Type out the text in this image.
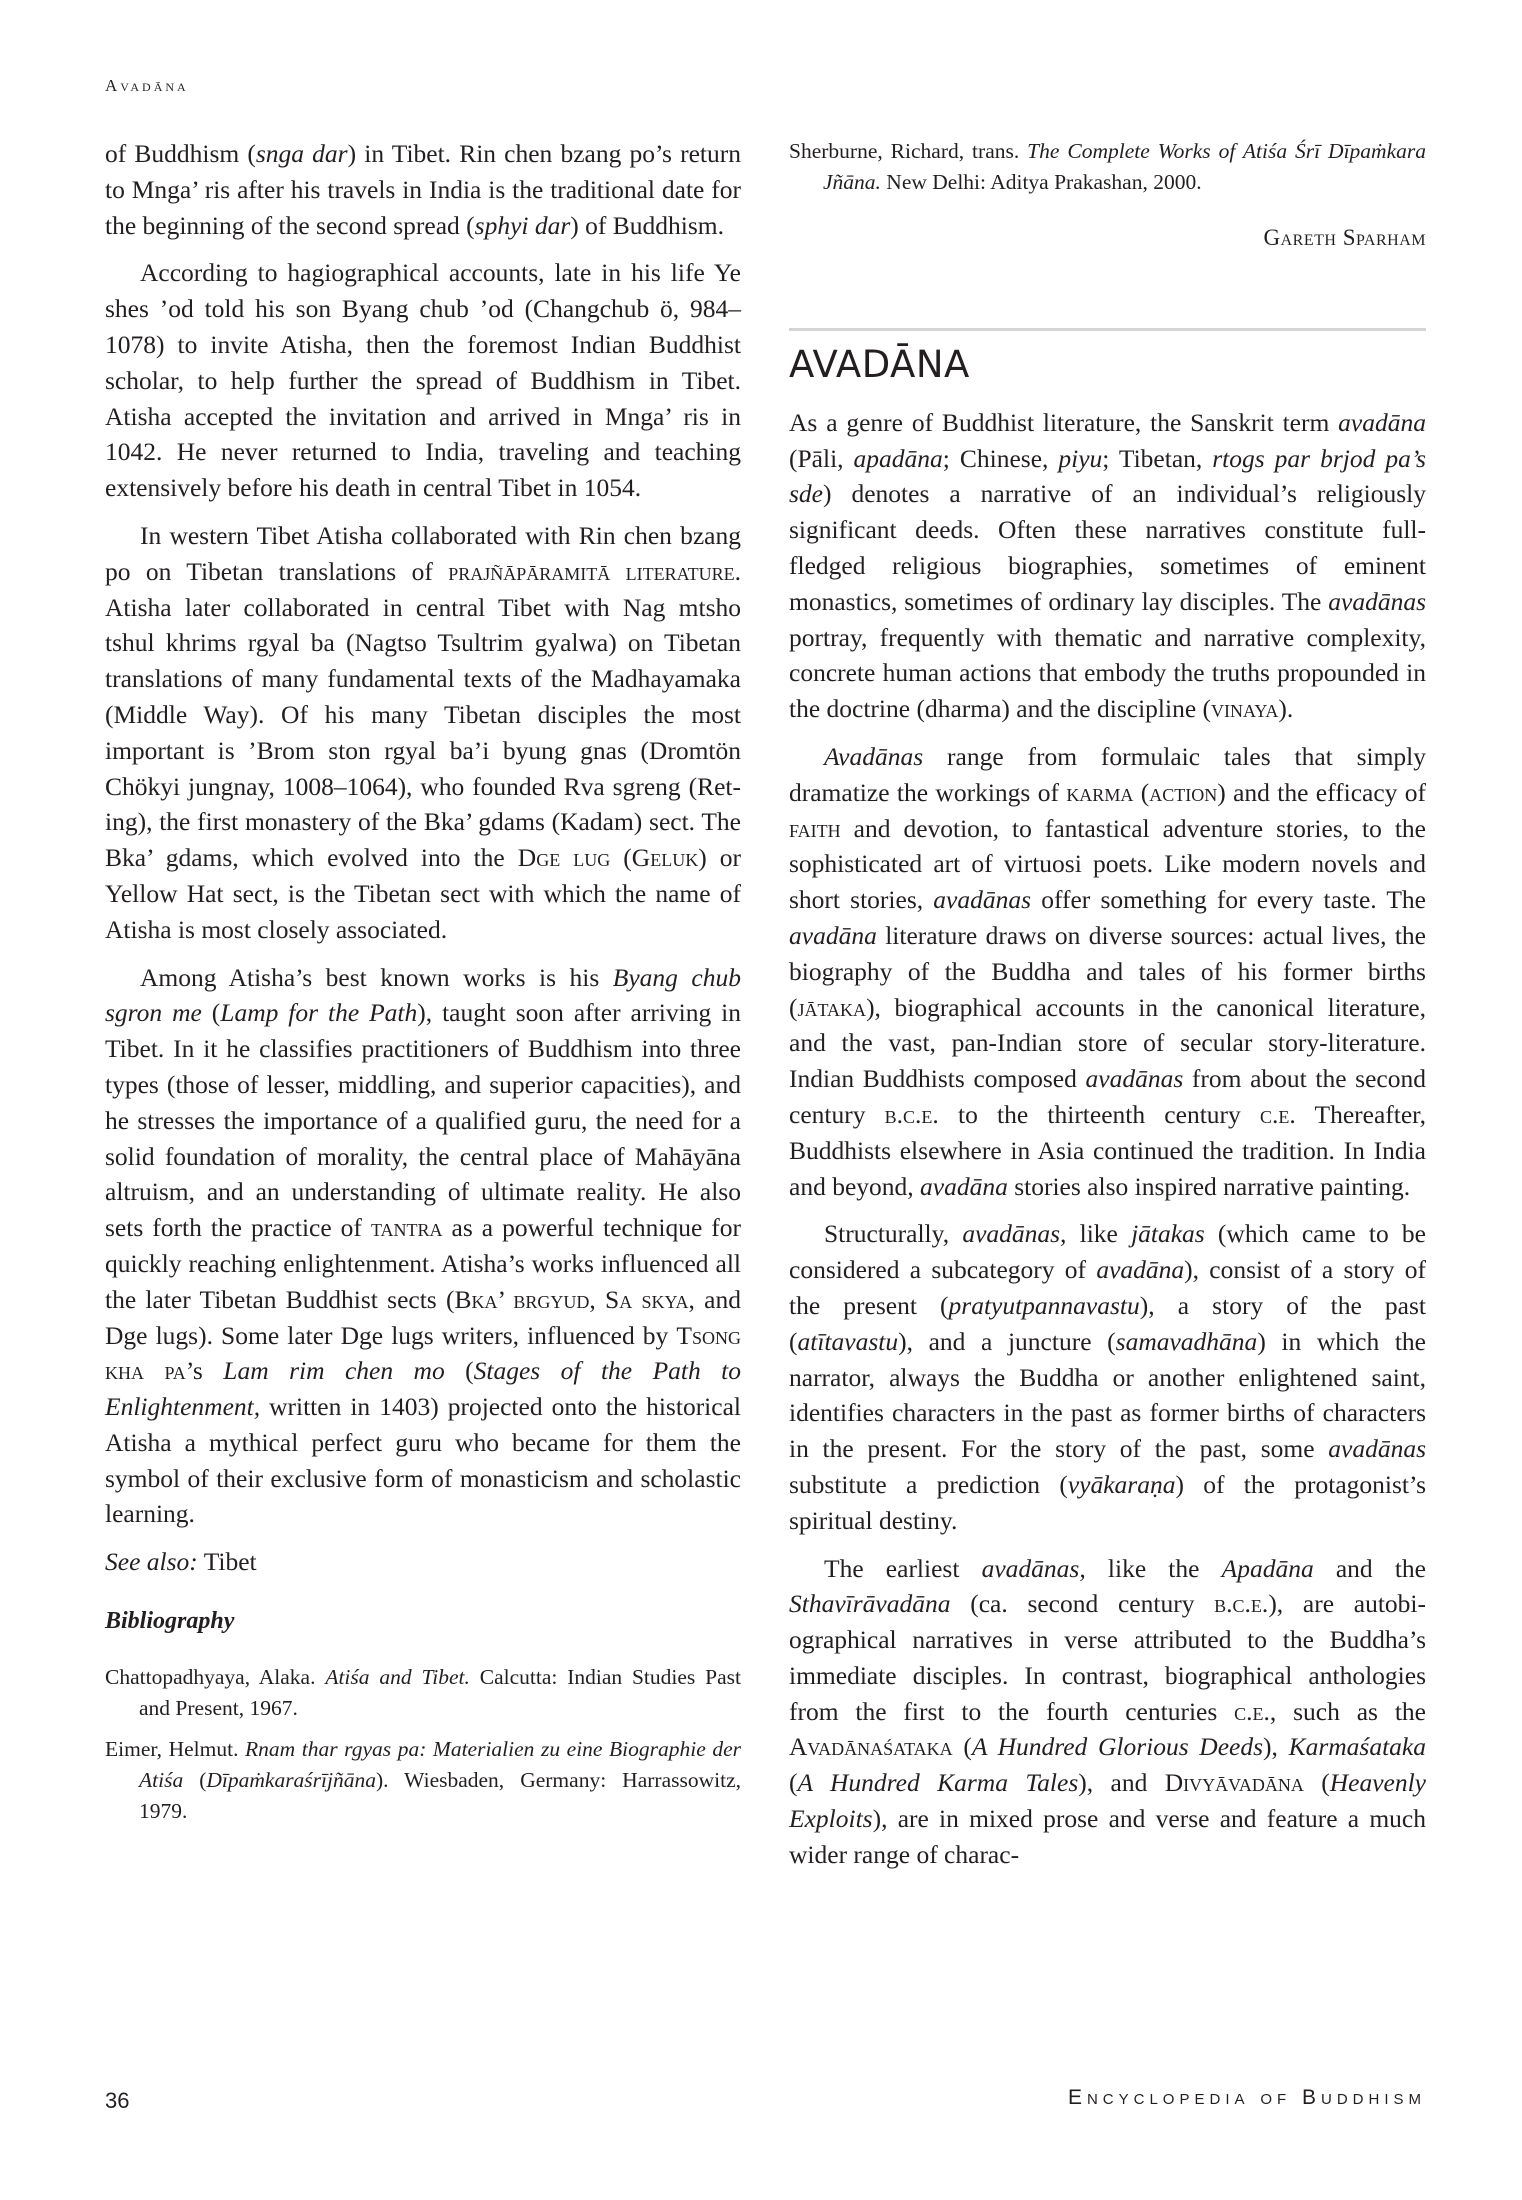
Avadāna

of Buddhism (snga dar) in Tibet. Rin chen bzang po’s return to Mnga’ ris after his travels in India is the traditional date for the beginning of the second spread (sphyi dar) of Buddhism.

According to hagiographical accounts, late in his life Ye shes ’od told his son Byang chub ’od (Changchub ö, 984–1078) to invite Atisha, then the foremost Indian Buddhist scholar, to help further the spread of Buddhism in Tibet. Atisha accepted the invitation and arrived in Mnga’ ris in 1042. He never returned to India, traveling and teaching extensively before his death in central Tibet in 1054.

In western Tibet Atisha collaborated with Rin chen bzang po on Tibetan translations of prajñāpāramitā literature. Atisha later collaborated in central Tibet with Nag mtsho tshul khrims rgyal ba (Nagtso Tsultrim gyalwa) on Tibetan translations of many fundamental texts of the Madhayamaka (Middle Way). Of his many Tibetan disciples the most important is ’Brom ston rgyal ba’i byung gnas (Dromtön Chökyi jungnay, 1008–1064), who founded Rva sgreng (Reting), the first monastery of the Bka’ gdams (Kadam) sect. The Bka’ gdams, which evolved into the Dge lug (Geluk) or Yellow Hat sect, is the Tibetan sect with which the name of Atisha is most closely associated.

Among Atisha’s best known works is his Byang chub sgron me (Lamp for the Path), taught soon after arriving in Tibet. In it he classifies practitioners of Buddhism into three types (those of lesser, middling, and superior capacities), and he stresses the importance of a qualified guru, the need for a solid foundation of morality, the central place of Mahāyāna altruism, and an understanding of ultimate reality. He also sets forth the practice of tantra as a powerful technique for quickly reaching enlightenment. Atisha’s works influenced all the later Tibetan Buddhist sects (Bka’ brgyud, Sa skya, and Dge lugs). Some later Dge lugs writers, influenced by Tsong kha pa’s Lam rim chen mo (Stages of the Path to Enlightenment, written in 1403) projected onto the historical Atisha a mythical perfect guru who became for them the symbol of their exclusive form of monasticism and scholastic learning.

See also: Tibet

Bibliography

Chattopadhyaya, Alaka. Atiśa and Tibet. Calcutta: Indian Studies Past and Present, 1967.

Eimer, Helmut. Rnam thar rgyas pa: Materialien zu eine Biographie der Atiśa (Dīpaṁkaraśrījñāna). Wiesbaden, Germany: Harrassowitz, 1979.

Sherburne, Richard, trans. The Complete Works of Atiśa Śrī Dīpaṁkara Jñāna. New Delhi: Aditya Prakashan, 2000.

Gareth Sparham
AVADĀNA

As a genre of Buddhist literature, the Sanskrit term avadāna (Pāli, apadāna; Chinese, piyu; Tibetan, rtogs par brjod pa’s sde) denotes a narrative of an individual’s religiously significant deeds. Often these narratives constitute full-fledged religious biographies, sometimes of eminent monastics, sometimes of ordinary lay disciples. The avadānas portray, frequently with thematic and narrative complexity, concrete human actions that embody the truths propounded in the doctrine (dharma) and the discipline (vinaya).

Avadānas range from formulaic tales that simply dramatize the workings of karma (action) and the efficacy of faith and devotion, to fantastical adventure stories, to the sophisticated art of virtuosi poets. Like modern novels and short stories, avadānas offer something for every taste. The avadāna literature draws on diverse sources: actual lives, the biography of the Buddha and tales of his former births (jātaka), biographical accounts in the canonical literature, and the vast, pan-Indian store of secular story-literature. Indian Buddhists composed avadānas from about the second century b.c.e. to the thirteenth century c.e. Thereafter, Buddhists elsewhere in Asia continued the tradition. In India and beyond, avadāna stories also inspired narrative painting.

Structurally, avadānas, like jātakas (which came to be considered a subcategory of avadāna), consist of a story of the present (pratyutpannavastu), a story of the past (atītavastu), and a juncture (samavadhāna) in which the narrator, always the Buddha or another enlightened saint, identifies characters in the past as former births of characters in the present. For the story of the past, some avadānas substitute a prediction (vyākaraṇa) of the protagonist’s spiritual destiny.

The earliest avadānas, like the Apadāna and the Sthavīrāvadāna (ca. second century b.c.e.), are autobiographical narratives in verse attributed to the Buddha’s immediate disciples. In contrast, biographical anthologies from the first to the fourth centuries c.e., such as the Avadānaśataka (A Hundred Glorious Deeds), Karmaśataka (A Hundred Karma Tales), and Divyāvadāna (Heavenly Exploits), are in mixed prose and verse and feature a much wider range of charac-

36	Encyclopedia of Buddhism
